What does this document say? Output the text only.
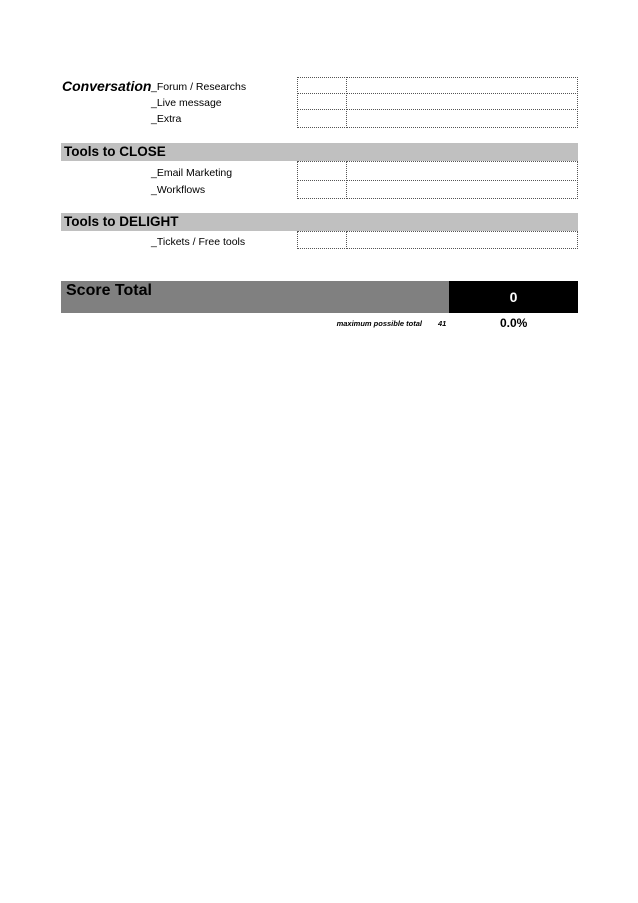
Conversation _Forum / Researchs
_Live message
_Extra
Tools to CLOSE
_Email Marketing
_Workflows
Tools to DELIGHT
_Tickets / Free tools
Score Total	0
maximum possible total 41	0.0%
